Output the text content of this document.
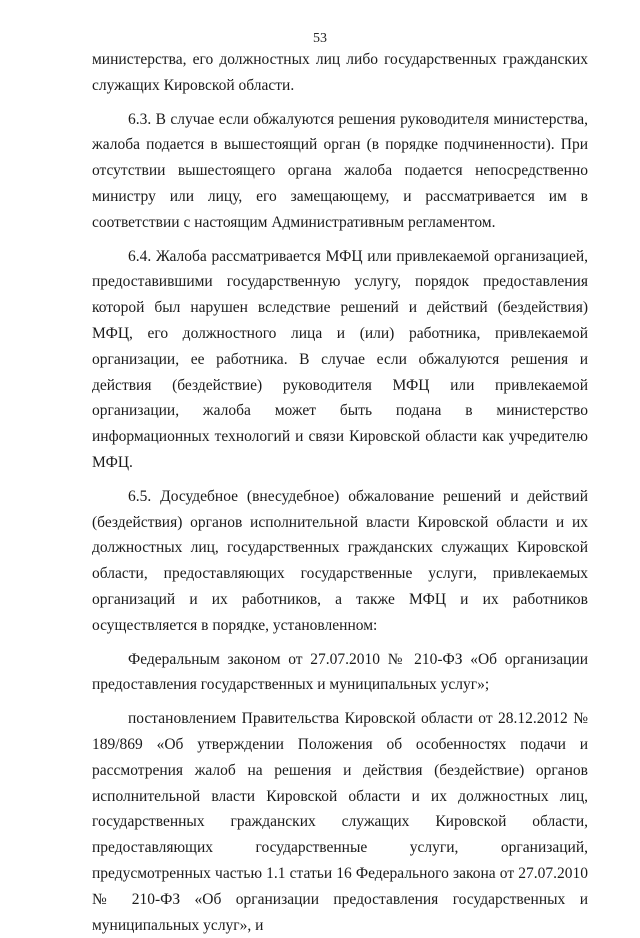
53

министерства, его должностных лиц либо государственных гражданских служащих Кировской области.

6.3. В случае если обжалуются решения руководителя министерства, жалоба подается в вышестоящий орган (в порядке подчиненности). При отсутствии вышестоящего органа жалоба подается непосредственно министру или лицу, его замещающему, и рассматривается им в соответствии с настоящим Административным регламентом.

6.4. Жалоба рассматривается МФЦ или привлекаемой организацией, предоставившими государственную услугу, порядок предоставления которой был нарушен вследствие решений и действий (бездействия) МФЦ, его должностного лица и (или) работника, привлекаемой организации, ее работника. В случае если обжалуются решения и действия (бездействие) руководителя МФЦ или привлекаемой организации, жалоба может быть подана в министерство информационных технологий и связи Кировской области как учредителю МФЦ.

6.5. Досудебное (внесудебное) обжалование решений и действий (бездействия) органов исполнительной власти Кировской области и их должностных лиц, государственных гражданских служащих Кировской области, предоставляющих государственные услуги, привлекаемых организаций и их работников, а также МФЦ и их работников осуществляется в порядке, установленном:

Федеральным законом от 27.07.2010 № 210-ФЗ «Об организации предоставления государственных и муниципальных услуг»;

постановлением Правительства Кировской области от 28.12.2012 № 189/869 «Об утверждении Положения об особенностях подачи и рассмотрения жалоб на решения и действия (бездействие) органов исполнительной власти Кировской области и их должностных лиц, государственных гражданских служащих Кировской области, предоставляющих государственные услуги, организаций, предусмотренных частью 1.1 статьи 16 Федерального закона от 27.07.2010 № 210-ФЗ «Об организации предоставления государственных и муниципальных услуг», и
